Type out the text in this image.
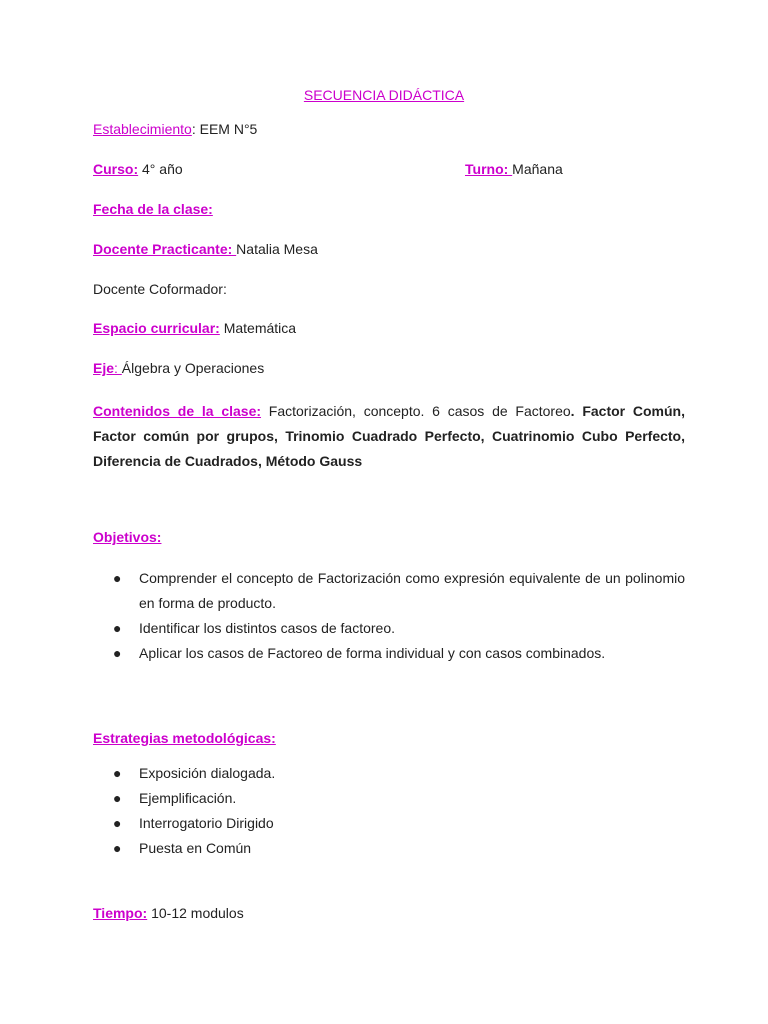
SECUENCIA DIDÁCTICA
Establecimiento: EEM N°5
Curso: 4° año	Turno: Mañana
Fecha de la clase:
Docente Practicante: Natalia Mesa
Docente Coformador:
Espacio curricular: Matemática
Eje: Álgebra y Operaciones
Contenidos de la clase: Factorización, concepto. 6 casos de Factoreo. Factor Común, Factor común por grupos, Trinomio Cuadrado Perfecto, Cuatrinomio Cubo Perfecto, Diferencia de Cuadrados, Método Gauss
Objetivos:
● Comprender el concepto de Factorización como expresión equivalente de un polinomio en forma de producto.
● Identificar los distintos casos de factoreo.
● Aplicar los casos de Factoreo de forma individual y con casos combinados.
Estrategias metodológicas:
● Exposición dialogada.
● Ejemplificación.
● Interrogatorio Dirigido
● Puesta en Común
Tiempo: 10-12 modulos
